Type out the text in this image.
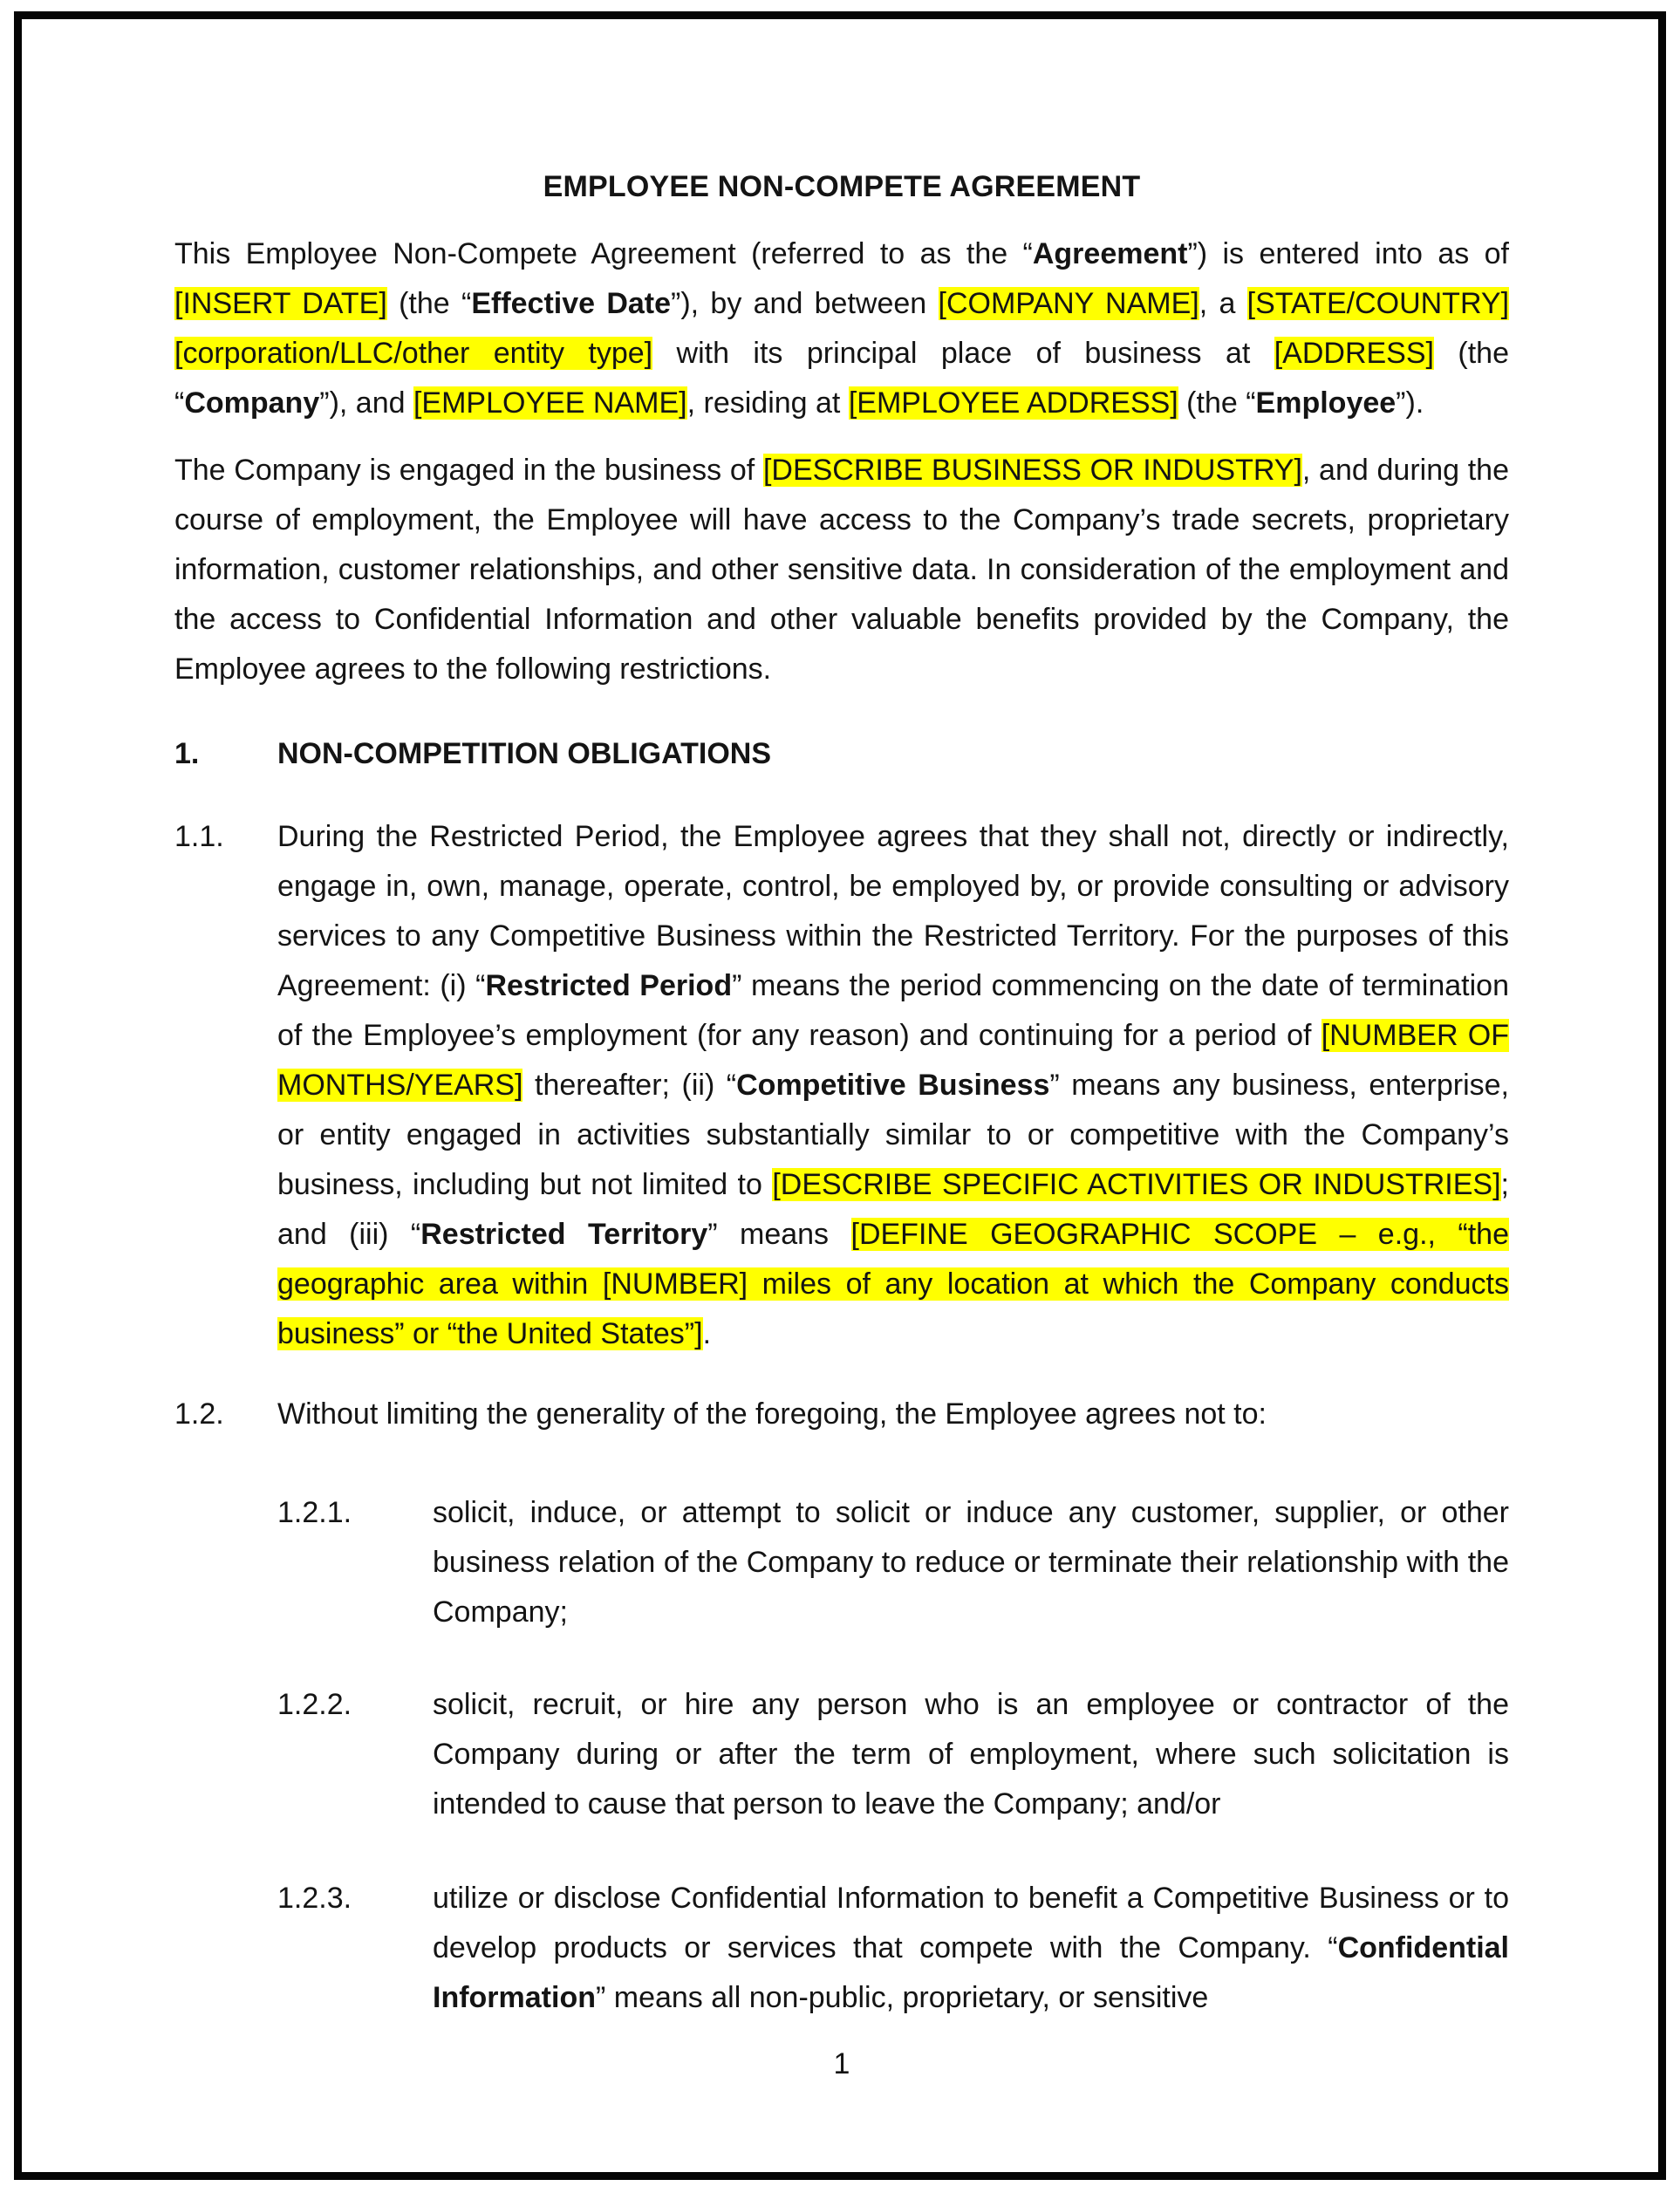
EMPLOYEE NON-COMPETE AGREEMENT
This Employee Non-Compete Agreement (referred to as the “Agreement”) is entered into as of [INSERT DATE] (the “Effective Date”), by and between [COMPANY NAME], a [STATE/COUNTRY] [corporation/LLC/other entity type] with its principal place of business at [ADDRESS] (the “Company”), and [EMPLOYEE NAME], residing at [EMPLOYEE ADDRESS] (the “Employee”).
The Company is engaged in the business of [DESCRIBE BUSINESS OR INDUSTRY], and during the course of employment, the Employee will have access to the Company’s trade secrets, proprietary information, customer relationships, and other sensitive data. In consideration of the employment and the access to Confidential Information and other valuable benefits provided by the Company, the Employee agrees to the following restrictions.
1.	NON-COMPETITION OBLIGATIONS
1.1. During the Restricted Period, the Employee agrees that they shall not, directly or indirectly, engage in, own, manage, operate, control, be employed by, or provide consulting or advisory services to any Competitive Business within the Restricted Territory. For the purposes of this Agreement: (i) “Restricted Period” means the period commencing on the date of termination of the Employee’s employment (for any reason) and continuing for a period of [NUMBER OF MONTHS/YEARS] thereafter; (ii) “Competitive Business” means any business, enterprise, or entity engaged in activities substantially similar to or competitive with the Company’s business, including but not limited to [DESCRIBE SPECIFIC ACTIVITIES OR INDUSTRIES]; and (iii) “Restricted Territory” means [DEFINE GEOGRAPHIC SCOPE – e.g., “the geographic area within [NUMBER] miles of any location at which the Company conducts business” or “the United States”].
1.2. Without limiting the generality of the foregoing, the Employee agrees not to:
1.2.1.	solicit, induce, or attempt to solicit or induce any customer, supplier, or other business relation of the Company to reduce or terminate their relationship with the Company;
1.2.2.	solicit, recruit, or hire any person who is an employee or contractor of the Company during or after the term of employment, where such solicitation is intended to cause that person to leave the Company; and/or
1.2.3.	utilize or disclose Confidential Information to benefit a Competitive Business or to develop products or services that compete with the Company. “Confidential Information” means all non-public, proprietary, or sensitive
1
